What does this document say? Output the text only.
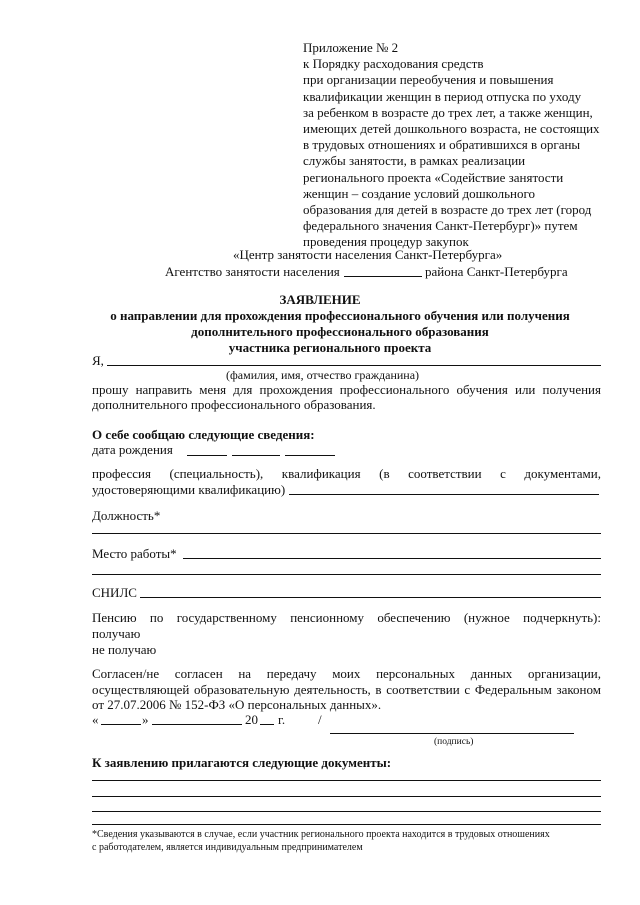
Приложение № 2
к Порядку расходования средств
при организации переобучения и повышения
квалификации женщин в период отпуска по уходу
за ребенком в возрасте до трех лет, а также женщин,
имеющих детей дошкольного возраста, не состоящих
в трудовых отношениях и обратившихся в органы
службы занятости, в рамках реализации
регионального проекта «Содействие занятости
женщин – создание условий дошкольного
образования для детей в возрасте до трех лет (город
федерального значения Санкт-Петербург)» путем
проведения процедур закупок
«Центр занятости населения Санкт-Петербурга»
Агентство занятости населения	района Санкт-Петербурга
ЗАЯВЛЕНИЕ
о направлении для прохождения профессионального обучения или получения
дополнительного профессионального образования
участника регионального проекта
Я,
(фамилия, имя, отчество гражданина)
прошу направить меня для прохождения профессионального обучения или получения
дополнительного профессионального образования.
О себе сообщаю следующие сведения:
дата рождения
профессия (специальность), квалификация (в соответствии с документами,
удостоверяющими квалификацию)
Должность*
Место работы*
СНИЛС
Пенсию по государственному пенсионному обеспечению (нужное подчеркнуть):
получаю
не получаю
Согласен/не согласен на передачу моих персональных данных организации,
осуществляющей образовательную деятельность, в соответствии с Федеральным законом
от 27.07.2006 № 152-ФЗ «О персональных данных».
«	»	20 г.	/
(подпись)
К заявлению прилагаются следующие документы:
*Сведения указываются в случае, если участник регионального проекта находится в трудовых отношениях
с работодателем, является индивидуальным предпринимателем
